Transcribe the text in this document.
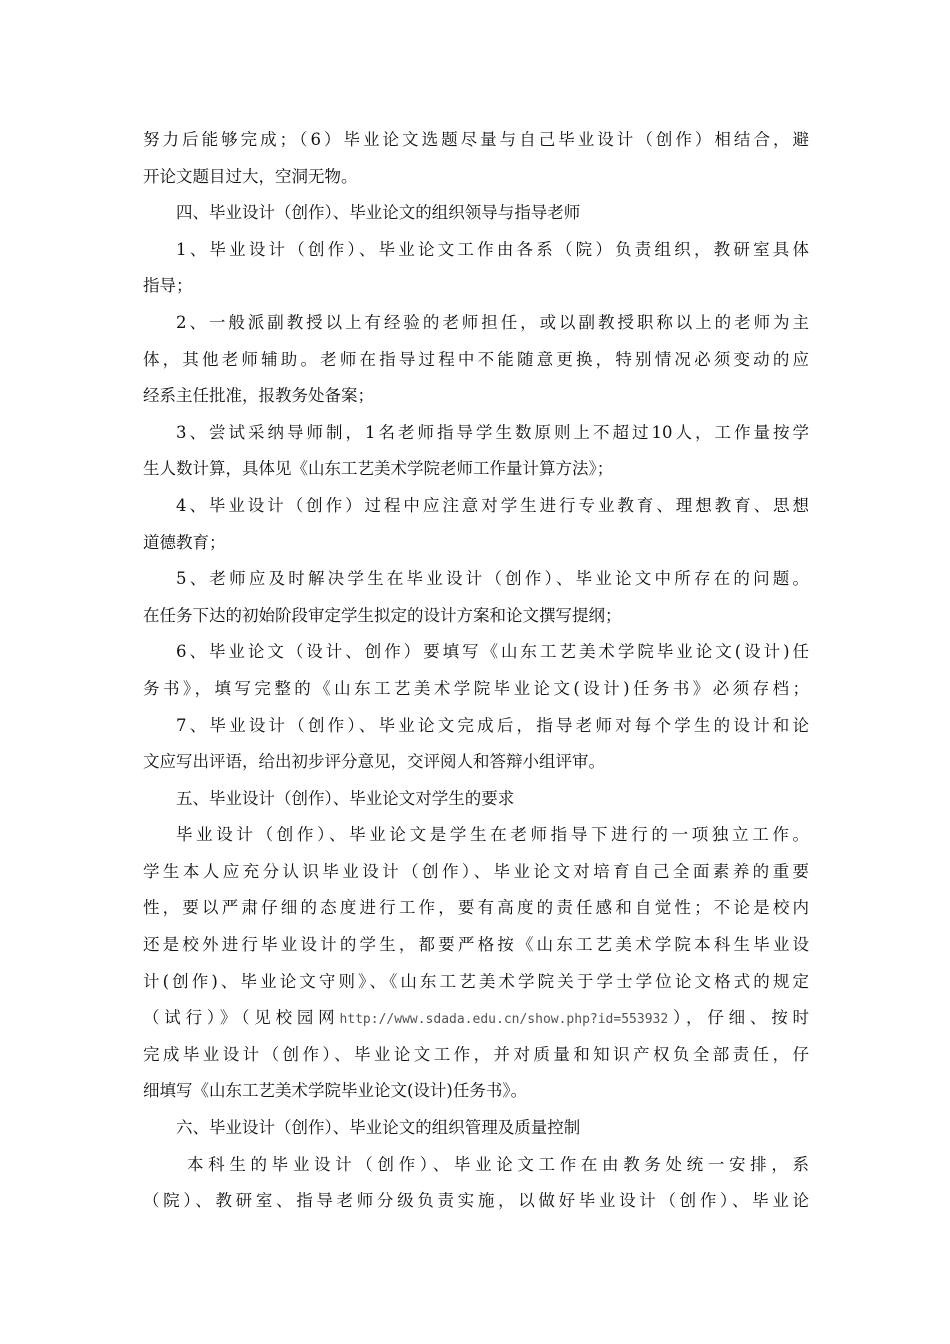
努力后能够完成；（6）毕业论文选题尽量与自己毕业设计（创作）相结合，避
开论文题目过大，空洞无物。
四、毕业设计（创作）、毕业论文的组织领导与指导老师
1、毕业设计（创作）、毕业论文工作由各系（院）负责组织，教研室具体
指导；
2、一般派副教授以上有经验的老师担任，或以副教授职称以上的老师为主
体，其他老师辅助。老师在指导过程中不能随意更换，特别情况必须变动的应
经系主任批准，报教务处备案；
3、尝试采纳导师制，1名老师指导学生数原则上不超过10人，工作量按学
生人数计算，具体见《山东工艺美术学院老师工作量计算方法》；
4、毕业设计（创作）过程中应注意对学生进行专业教育、理想教育、思想
道德教育；
5、老师应及时解决学生在毕业设计（创作）、毕业论文中所存在的问题。
在任务下达的初始阶段审定学生拟定的设计方案和论文撰写提纲；
6、毕业论文（设计、创作）要填写《山东工艺美术学院毕业论文(设计)任
务书》，填写完整的《山东工艺美术学院毕业论文(设计)任务书》必须存档；
7、毕业设计（创作）、毕业论文完成后，指导老师对每个学生的设计和论
文应写出评语，给出初步评分意见，交评阅人和答辩小组评审。
五、毕业设计（创作）、毕业论文对学生的要求
毕业设计（创作）、毕业论文是学生在老师指导下进行的一项独立工作。
学生本人应充分认识毕业设计（创作）、毕业论文对培育自己全面素养的重要
性，要以严肃仔细的态度进行工作，要有高度的责任感和自觉性；不论是校内
还是校外进行毕业设计的学生，都要严格按《山东工艺美术学院本科生毕业设
计(创作)、毕业论文守则》、《山东工艺美术学院关于学士学位论文格式的规定
（试行）》（见校园网http://www.sdada.edu.cn/show.php?id=553932），仔细、按时
完成毕业设计（创作）、毕业论文工作，并对质量和知识产权负全部责任，仔
细填写《山东工艺美术学院毕业论文(设计)任务书》。
六、毕业设计（创作）、毕业论文的组织管理及质量控制
本科生的毕业设计（创作）、毕业论文工作在由教务处统一安排，系
（院）、教研室、指导老师分级负责实施，以做好毕业设计（创作）、毕业论
